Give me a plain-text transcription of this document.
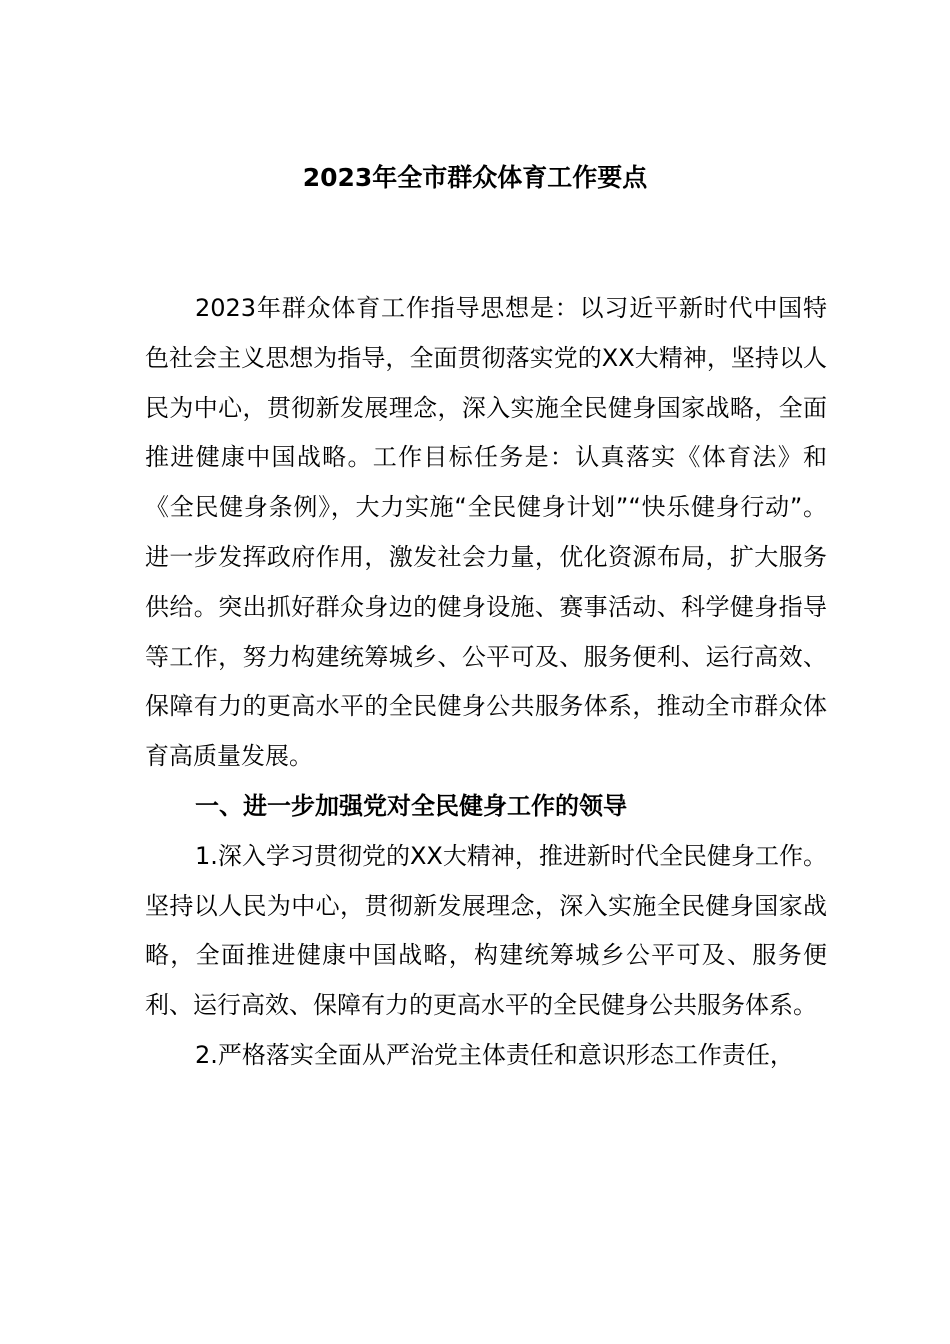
2023年全市群众体育工作要点

2023年群众体育工作指导思想是：以习近平新时代中国特色社会主义思想为指导，全面贯彻落实党的XX大精神，坚持以人民为中心，贯彻新发展理念，深入实施全民健身国家战略，全面推进健康中国战略。工作目标任务是：认真落实《体育法》和《全民健身条例》，大力实施“全民健身计划”“快乐健身行动”。进一步发挥政府作用，激发社会力量，优化资源布局，扩大服务供给。突出抓好群众身边的健身设施、赛事活动、科学健身指导等工作，努力构建统筹城乡、公平可及、服务便利、运行高效、保障有力的更高水平的全民健身公共服务体系，推动全市群众体育高质量发展。

一、进一步加强党对全民健身工作的领导

1.深入学习贯彻党的XX大精神，推进新时代全民健身工作。坚持以人民为中心，贯彻新发展理念，深入实施全民健身国家战略，全面推进健康中国战略，构建统筹城乡公平可及、服务便利、运行高效、保障有力的更高水平的全民健身公共服务体系。

2.严格落实全面从严治党主体责任和意识形态工作责任，
